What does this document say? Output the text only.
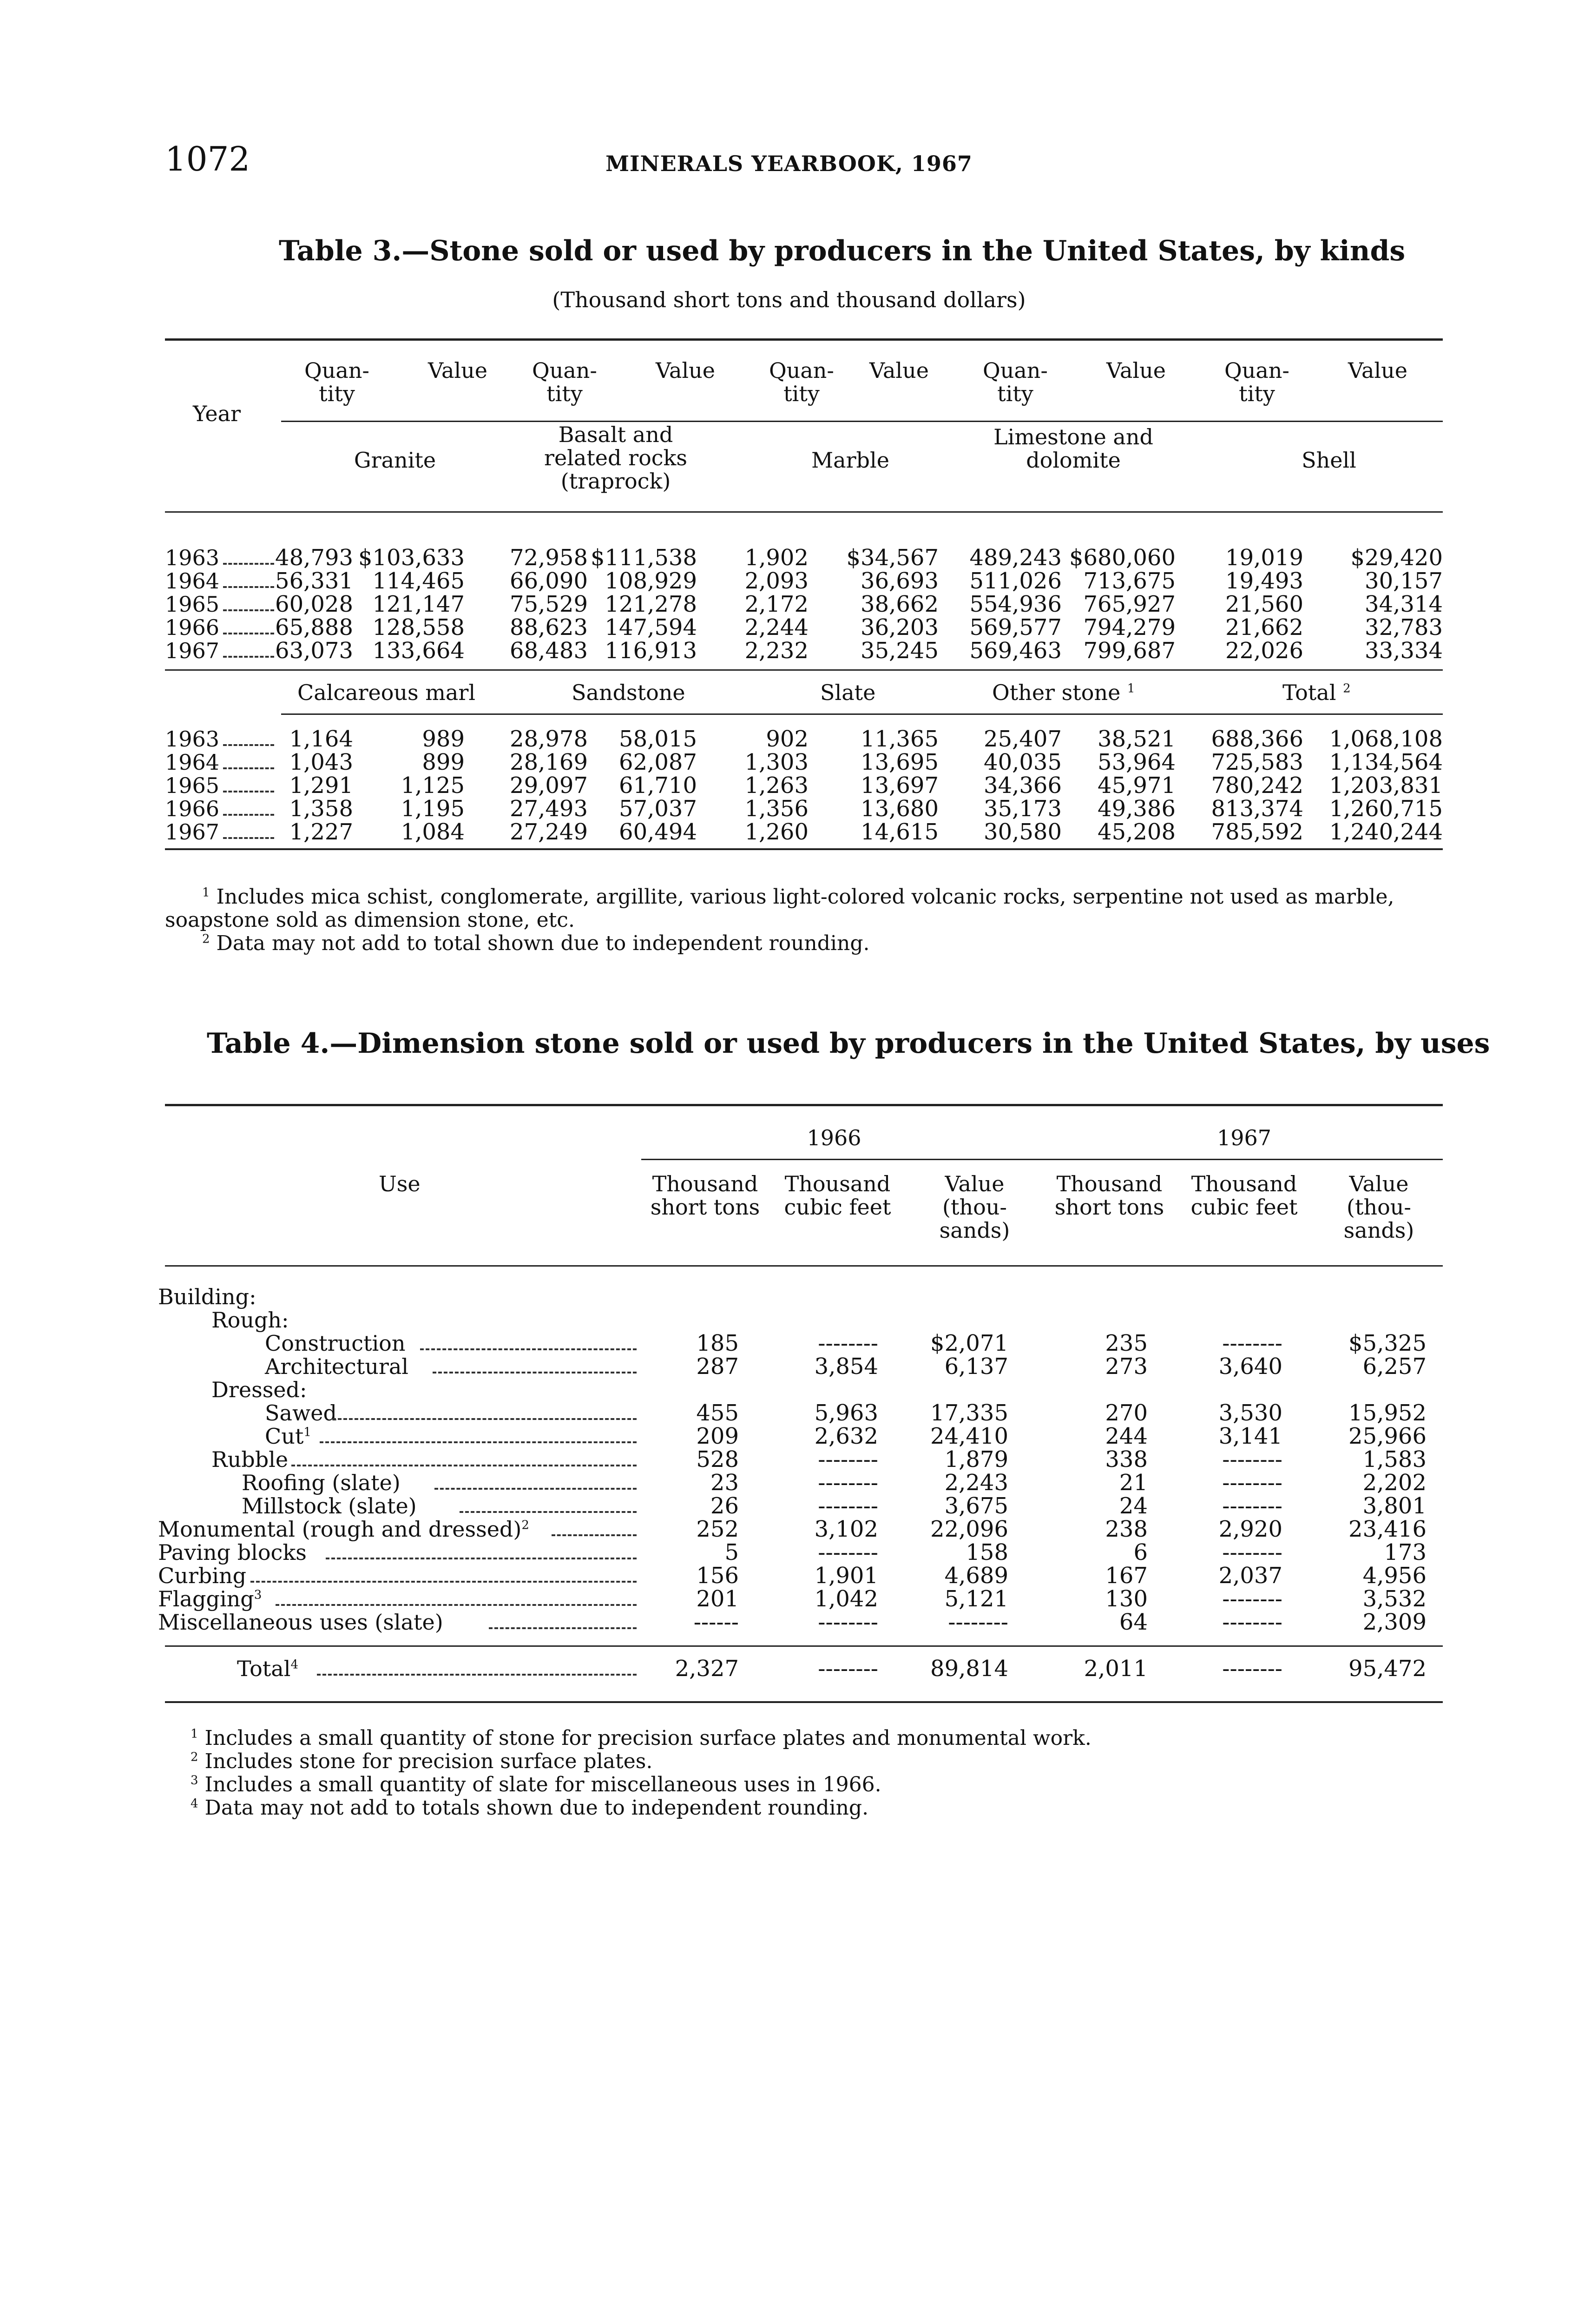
1072	MINERALS YEARBOOK, 1967
Table 3.—Stone sold or used by producers in the United States, by kinds
(Thousand short tons and thousand dollars)
Year
Quan- tity
Value	Quan- tity
Value	Quan- tity
Value	Quan- tity
Value	Quan- tity
Value
Granite
Basalt and related rocks (traprock)
Marble
Limestone and dolomite	Shell
1963	48,793 $103,633	72,958 $111,538	1,902	$34,567	489,243 $680,060	19,019	$29,420
1964	56,331 114,465	66,090 108,929	2,093	36,693	511,026 713,675	19,493	30,157
1965	60,028 121,147	75,529 121,278	2,172	38,662	554,936 765,927	21,560	34,314
1966	65,888 128,558	88,623 147,594	2,244	36,203	569,577 794,279	21,662	32,783
1967	63,073 133,664	68,483 116,913	2,232	35,245	569,463 799,687	22,026	33,334
Calcareous marl	Sandstone	Slate	Other stone $^1$	Total $^2$
1963	1,164	989	28,978	58,015	902	11,365	25,407	38,521	688,366	1,068,108
1964	1,043	899	28,169	62,087	1,303	13,695	40,035	53,964	725,583	1,134,564
1965	1,291	1,125	29,097	61,710	1,263	13,697	34,366	45,971	780,242	1,203,831
1966	1,358	1,195	27,493	57,037	1,356	13,680	35,173	49,386	813,374	1,260,715
1967	1,227	1,084	27,249	60,494	1,260	14,615	30,580	45,208	785,592	1,240,244
$^1$ Includes mica schist, conglomerate, argillite, various light-colored volcanic rocks, serpentine not used as marble, soapstone sold as dimension stone, etc.
$^2$ Data may not add to total shown due to independent rounding.
Table 4.—Dimension stone sold or used by producers in the United States, by uses
1966	1967
Use	Thousand short tons
Thousand cubic feet
Value (thou- sands)
Thousand short tons
Thousand cubic feet
Value (thou- sands)
Building:
Rough:
Dressed:
Construction	185	--------	$2,071	235	--------	$5,325
Architectural	287	3,854	6,137	273	3,640	6,257
Sawed	455	5,963	17,335	270	3,530	15,952
Cut$^1$	209	2,632	24,410	244	3,141	25,966
Rubble	528	--------	1,879	338	--------	1,583
Roofing (slate)	23	--------	2,243	21	--------	2,202
Millstock (slate)	26	--------	3,675	24	--------	3,801
Monumental (rough and dressed)$^2$	252	3,102	22,096	238	2,920	23,416
Paving blocks	5	--------	158	6	--------	173
Curbing	156	1,901	4,689	167	2,037	4,956
Flagging$^3$	201	1,042	5,121	130	--------	3,532
Miscellaneous uses (slate)	------	--------	--------	64	--------	2,309
Total$^4$	2,327	--------	89,814	2,011	--------	95,472
$^1$ Includes a small quantity of stone for precision surface plates and monumental work.
$^2$ Includes stone for precision surface plates.
$^3$ Includes a small quantity of slate for miscellaneous uses in 1966.
$^4$ Data may not add to totals shown due to independent rounding.
